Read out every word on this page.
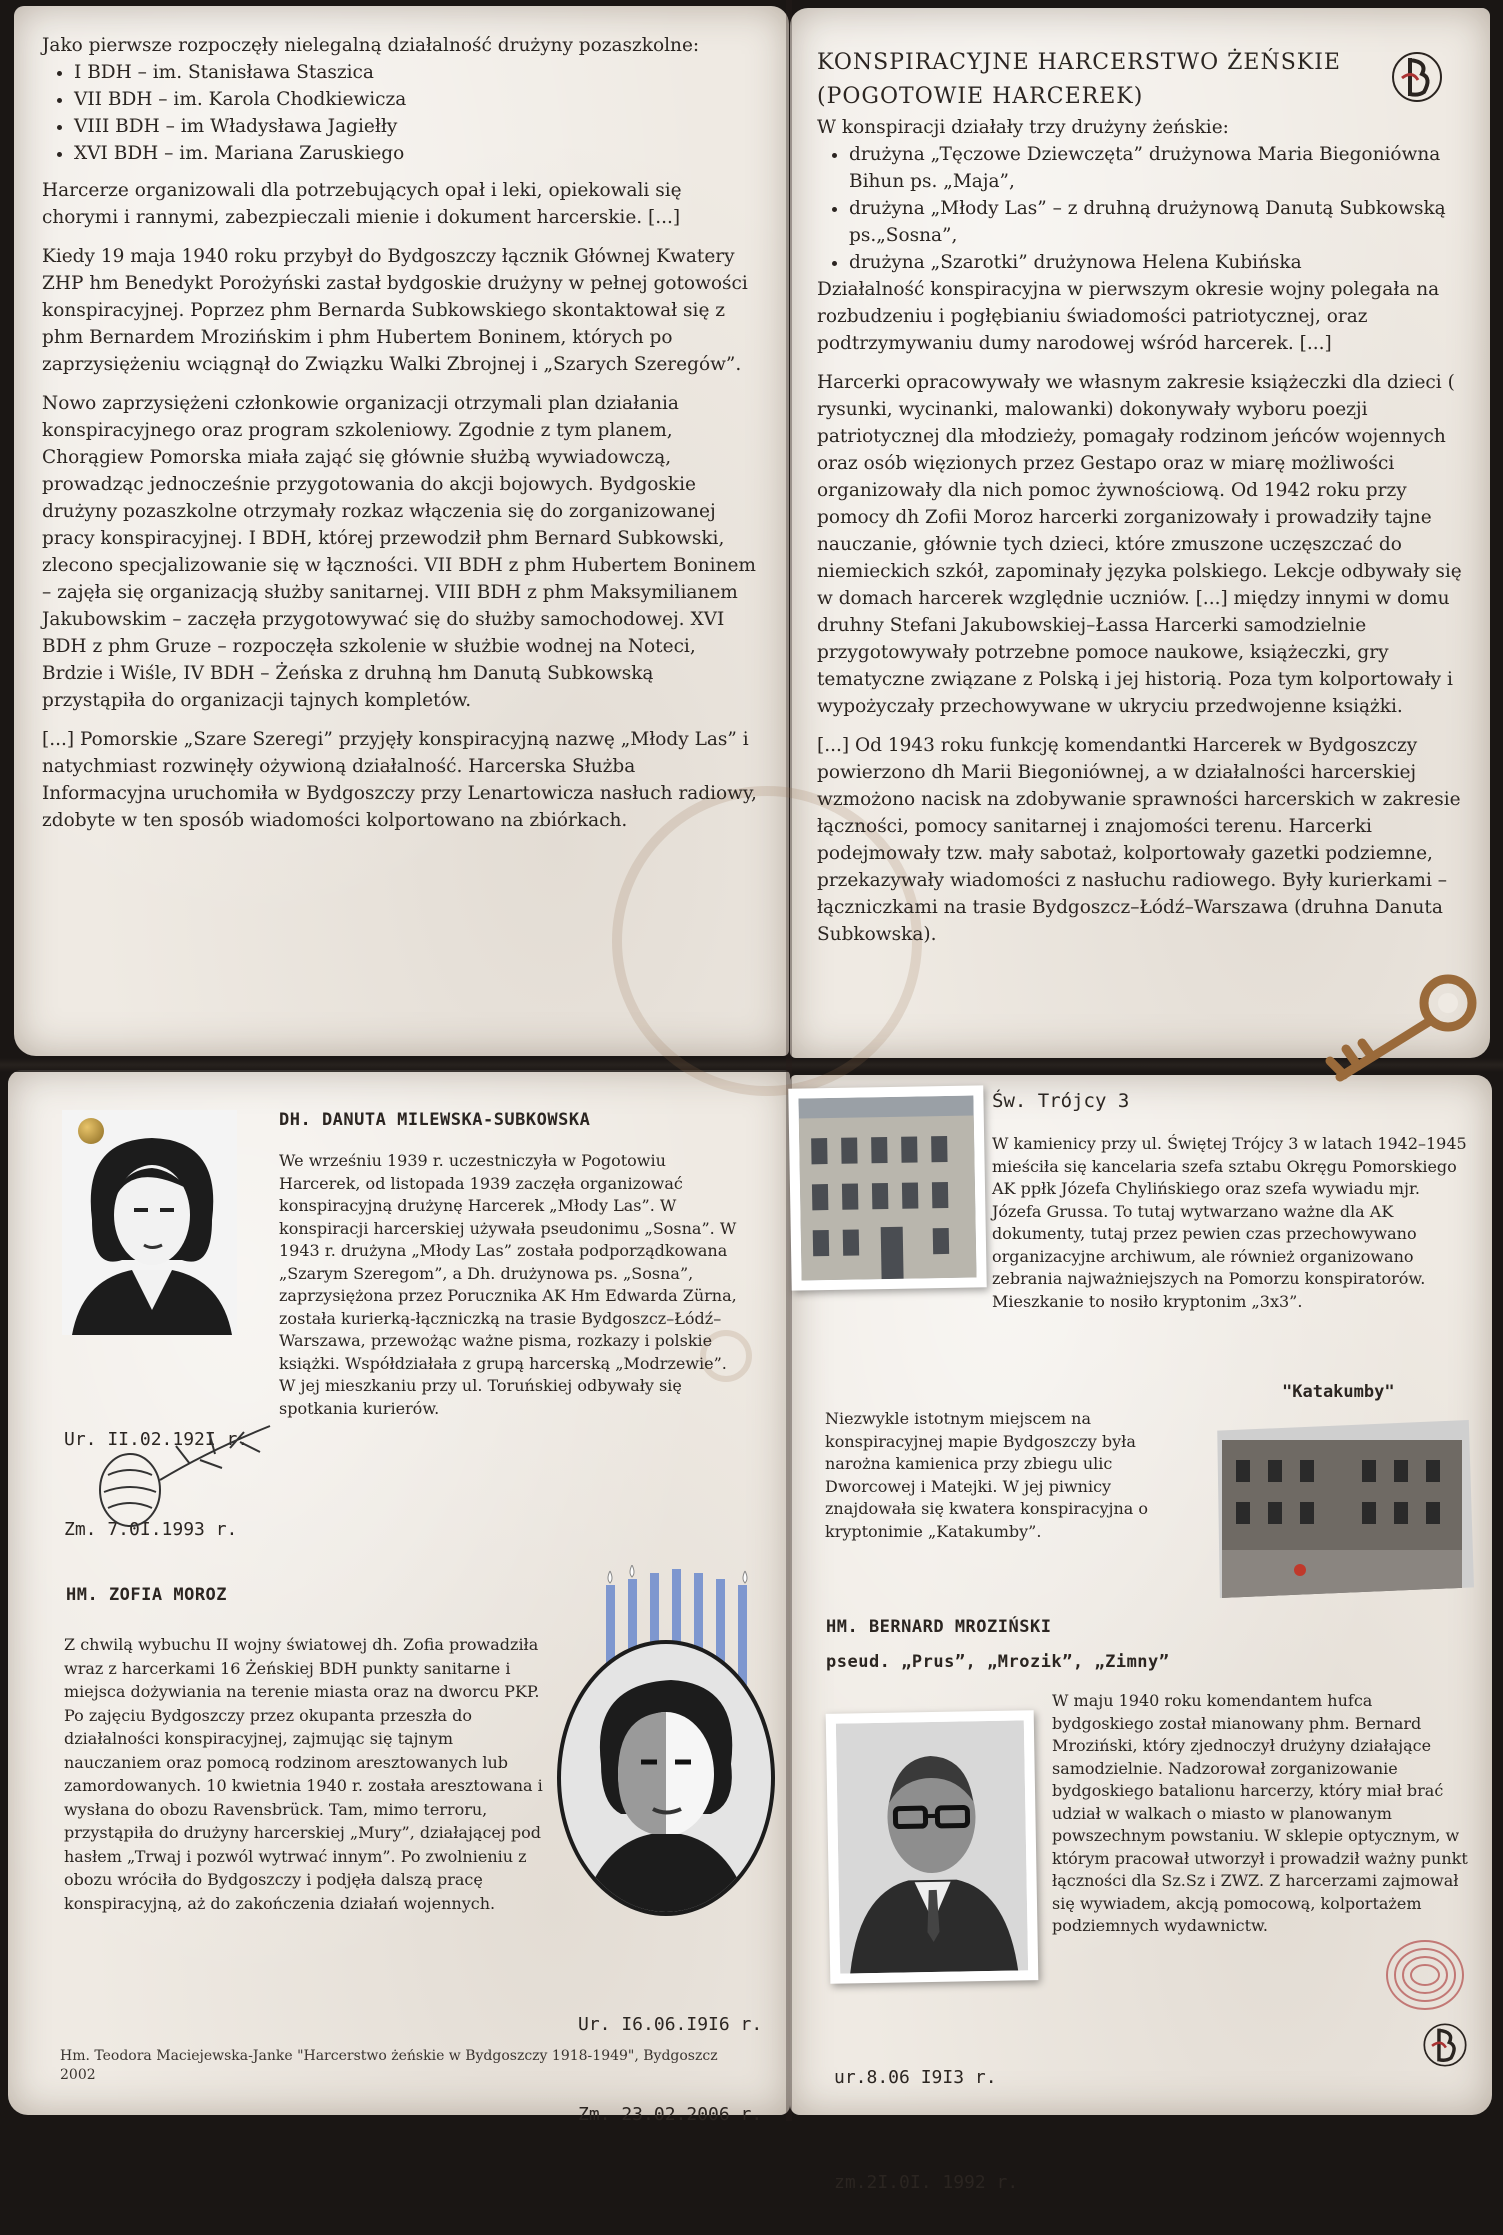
Jako pierwsze rozpoczęły nielegalną działalność drużyny pozaszkolne:

• I BDH – im. Stanisława Staszica
• VII BDH – im. Karola Chodkiewicza
• VIII BDH – im Władysława Jagiełły
• XVI BDH – im. Mariana Zaruskiego

Harcerze organizowali dla potrzebujących opał i leki, opiekowali się chorymi i rannymi, zabezpieczali mienie i dokument harcerskie. [...]

Kiedy 19 maja 1940 roku przybył do Bydgoszczy łącznik Głównej Kwatery ZHP hm Benedykt Porożyński zastał bydgoskie drużyny w pełnej gotowości konspiracyjnej. Poprzez phm Bernarda Subkowskiego skontaktował się z phm Bernardem Mrozińskim i phm Hubertem Boninem, których po zaprzysiężeniu wciągnął do Związku Walki Zbrojnej i „Szarych Szeregów”.

Nowo zaprzysiężeni członkowie organizacji otrzymali plan działania konspiracyjnego oraz program szkoleniowy. Zgodnie z tym planem, Chorągiew Pomorska miała zająć się głównie służbą wywiadowczą, prowadząc jednocześnie przygotowania do akcji bojowych. Bydgoskie drużyny pozaszkolne otrzymały rozkaz włączenia się do zorganizowanej pracy konspiracyjnej. I BDH, której przewodził phm Bernard Subkowski, zlecono specjalizowanie się w łączności. VII BDH z phm Hubertem Boninem – zajęła się organizacją służby sanitarnej. VIII BDH z phm Maksymilianem Jakubowskim – zaczęła przygotowywać się do służby samochodowej. XVI BDH z phm Gruze – rozpoczęła szkolenie w służbie wodnej na Noteci, Brdzie i Wiśle, IV BDH – Żeńska z druhną hm Danutą Subkowską przystąpiła do organizacji tajnych kompletów.

[...] Pomorskie „Szare Szeregi” przyjęły konspiracyjną nazwę „Młody Las” i natychmiast rozwinęły ożywioną działalność. Harcerska Służba Informacyjna uruchomiła w Bydgoszczy przy Lenartowicza nasłuch radiowy, zdobyte w ten sposób wiadomości kolportowano na zbiórkach.

KONSPIRACYJNE HARCERSTWO ŻEŃSKIE
(POGOTOWIE HARCEREK)

W konspiracji działały trzy drużyny żeńskie:

• drużyna „Tęczowe Dziewczęta” drużynowa Maria Biegoniówna Bihun ps. „Maja”,
• drużyna „Młody Las” – z druhną drużynową Danutą Subkowską ps.„Sosna”,
• drużyna „Szarotki” drużynowa Helena Kubińska

Działalność konspiracyjna w pierwszym okresie wojny polegała na rozbudzeniu i pogłębianiu świadomości patriotycznej, oraz podtrzymywaniu dumy narodowej wśród harcerek. [...]

Harcerki opracowywały we własnym zakresie książeczki dla dzieci ( rysunki, wycinanki, malowanki) dokonywały wyboru poezji patriotycznej dla młodzieży, pomagały rodzinom jeńców wojennych oraz osób więzionych przez Gestapo oraz w miarę możliwości organizowały dla nich pomoc żywnościową. Od 1942 roku przy pomocy dh Zofii Moroz harcerki zorganizowały i prowadziły tajne nauczanie, głównie tych dzieci, które zmuszone uczęszczać do niemieckich szkół, zapominały języka polskiego. Lekcje odbywały się w domach harcerek względnie uczniów. [...] między innymi w domu druhny Stefani Jakubowskiej–Łassa Harcerki samodzielnie przygotowywały potrzebne pomoce naukowe, książeczki, gry tematyczne związane z Polską i jej historią. Poza tym kolportowały i wypożyczały przechowywane w ukryciu przedwojenne książki.

[...] Od 1943 roku funkcję komendantki Harcerek w Bydgoszczy powierzono dh Marii Biegoniównej, a w działalności harcerskiej wzmożono nacisk na zdobywanie sprawności harcerskich w zakresie łączności, pomocy sanitarnej i znajomości terenu. Harcerki podejmowały tzw. mały sabotaż, kolportowały gazetki podziemne, przekazywały wiadomości z nasłuchu radiowego. Były kurierkami – łączniczkami na trasie Bydgoszcz–Łódź–Warszawa (druhna Danuta Subkowska).

Ur. II.02.192I r.

Zm. 7.0I.1993 r.

DH. DANUTA MILEWSKA-SUBKOWSKA
We wrześniu 1939 r. uczestniczyła w Pogotowiu Harcerek, od listopada 1939 zaczęła organizować konspiracyjną drużynę Harcerek „Młody Las”. W konspiracji harcerskiej używała pseudonimu „Sosna”. W 1943 r. drużyna „Młody Las” została podporządkowana „Szarym Szeregom”, a Dh. drużynowa ps. „Sosna”, zaprzysiężona przez Porucznika AK Hm Edwarda Zürna, została kurierką-łączniczką na trasie Bydgoszcz–Łódź–Warszawa, przewożąc ważne pisma, rozkazy i polskie książki. Współdziałała z grupą harcerską „Modrzewie”. W jej mieszkaniu przy ul. Toruńskiej odbywały się spotkania kurierów.
HM. ZOFIA MOROZ
Z chwilą wybuchu II wojny światowej dh. Zofia prowadziła wraz z harcerkami 16 Żeńskiej BDH punkty sanitarne i miejsca dożywiania na terenie miasta oraz na dworcu PKP. Po zajęciu Bydgoszczy przez okupanta przeszła do działalności konspiracyjnej, zajmując się tajnym nauczaniem oraz pomocą rodzinom aresztowanych lub zamordowanych. 10 kwietnia 1940 r. została aresztowana i wysłana do obozu Ravensbrück. Tam, mimo terroru, przystąpiła do drużyny harcerskiej „Mury”, działającej pod hasłem „Trwaj i pozwól wytrwać innym”. Po zwolnieniu z obozu wróciła do Bydgoszczy i podjęła dalszą pracę konspiracyjną, aż do zakończenia działań wojennych.

Ur. I6.06.I9I6 r.

Zm. 23.02.2006 r.

Hm. Teodora Maciejewska-Janke "Harcerstwo żeńskie w Bydgoszczy 1918-1949", Bydgoszcz 2002
Św. Trójcy 3
W kamienicy przy ul. Świętej Trójcy 3 w latach 1942–1945 mieściła się kancelaria szefa sztabu Okręgu Pomorskiego AK ppłk Józefa Chylińskiego oraz szefa wywiadu mjr. Józefa Grussa. To tutaj wytwarzano ważne dla AK dokumenty, tutaj przez pewien czas przechowywano organizacyjne archiwum, ale również organizowano zebrania najważniejszych na Pomorzu konspiratorów. Mieszkanie to nosiło kryptonim „3x3”.
"Katakumby"
Niezwykle istotnym miejscem na konspiracyjnej mapie Bydgoszczy była narożna kamienica przy zbiegu ulic Dworcowej i Matejki. W jej piwnicy znajdowała się kwatera konspiracyjna o kryptonimie „Katakumby”.
HM. BERNARD MROZIŃSKI
pseud. „Prus”, „Mrozik”, „Zimny”

ur.8.06 I9I3 r.

zm.2I.0I. 1992 r.

W maju 1940 roku komendantem hufca bydgoskiego został mianowany phm. Bernard Mroziński, który zjednoczył drużyny działające samodzielnie. Nadzorował zorganizowanie bydgoskiego batalionu harcerzy, który miał brać udział w walkach o miasto w planowanym powszechnym powstaniu. W sklepie optycznym, w którym pracował utworzył i prowadził ważny punkt łączności dla Sz.Sz i ZWZ. Z harcerzami zajmował się wywiadem, akcją pomocową, kolportażem podziemnych wydawnictw.
